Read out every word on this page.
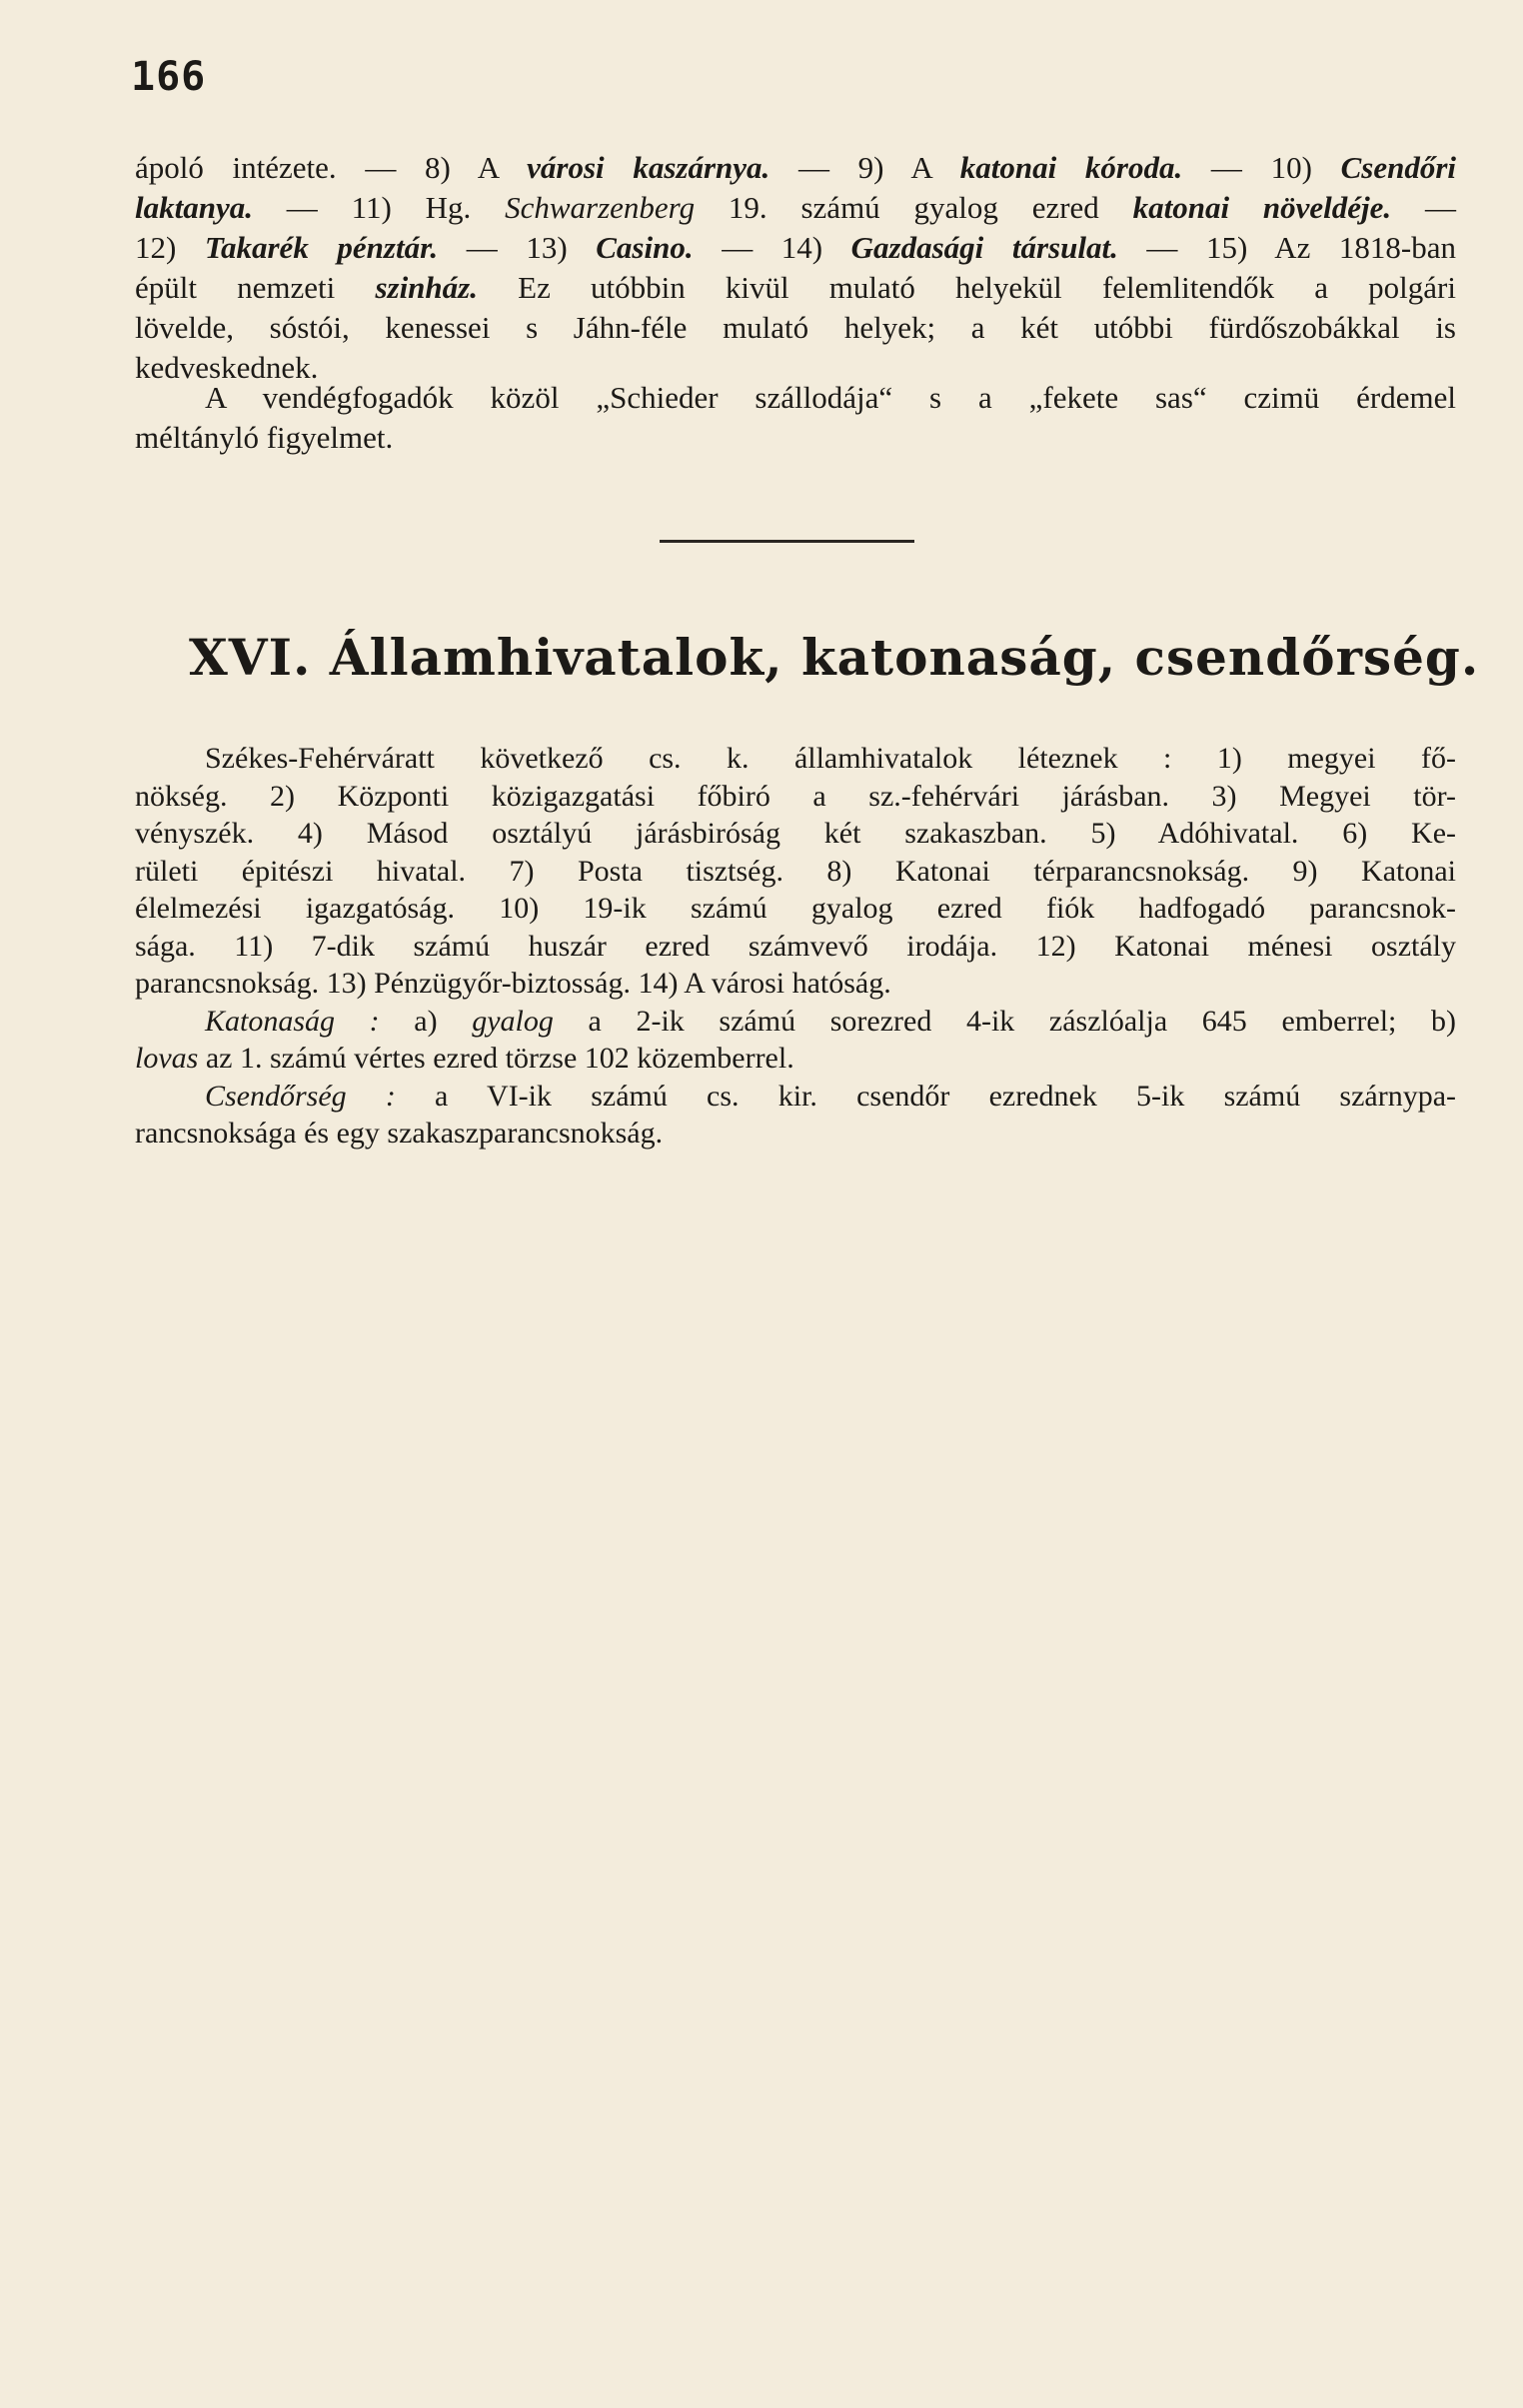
166
ápoló intézete. — 8) A városi kaszárnya. — 9) A katonai kóroda. — 10) Csendőri
laktanya. — 11) Hg. Schwarzenberg 19. számú gyalog ezred katonai növeldéje. —
12) Takarék pénztár. — 13) Casino. — 14) Gazdasági társulat. — 15) Az 1818-ban
épült nemzeti szinház. Ez utóbbin kivül mulató helyekül felemlitendők a polgári
lövelde, sóstói, kenessei s Jáhn-féle mulató helyek; a két utóbbi fürdőszobákkal is
kedveskednek.
A vendégfogadók közöl „Schieder szállodája“ s a „fekete sas“ czimü érdemel
méltányló figyelmet.
XVI. Államhivatalok, katonaság, csendőrség.
Székes-Fehérváratt következő cs. k. államhivatalok léteznek : 1) megyei fő-
nökség. 2) Központi közigazgatási főbiró a sz.-fehérvári járásban. 3) Megyei tör-
vényszék. 4) Másod osztályú járásbiróság két szakaszban. 5) Adóhivatal. 6) Ke-
rületi épitészi hivatal. 7) Posta tisztség. 8) Katonai térparancsnokság. 9) Katonai
élelmezési igazgatóság. 10) 19-ik számú gyalog ezred fiók hadfogadó parancsnok-
sága. 11) 7-dik számú huszár ezred számvevő irodája. 12) Katonai ménesi osztály
parancsnokság. 13) Pénzügyőr-biztosság. 14) A városi hatóság.
Katonaság : a) gyalog a 2-ik számú sorezred 4-ik zászlóalja 645 emberrel; b)
lovas az 1. számú vértes ezred törzse 102 közemberrel.
Csendőrség : a VI-ik számú cs. kir. csendőr ezrednek 5-ik számú szárnypa-
rancsnoksága és egy szakaszparancsnokság.
